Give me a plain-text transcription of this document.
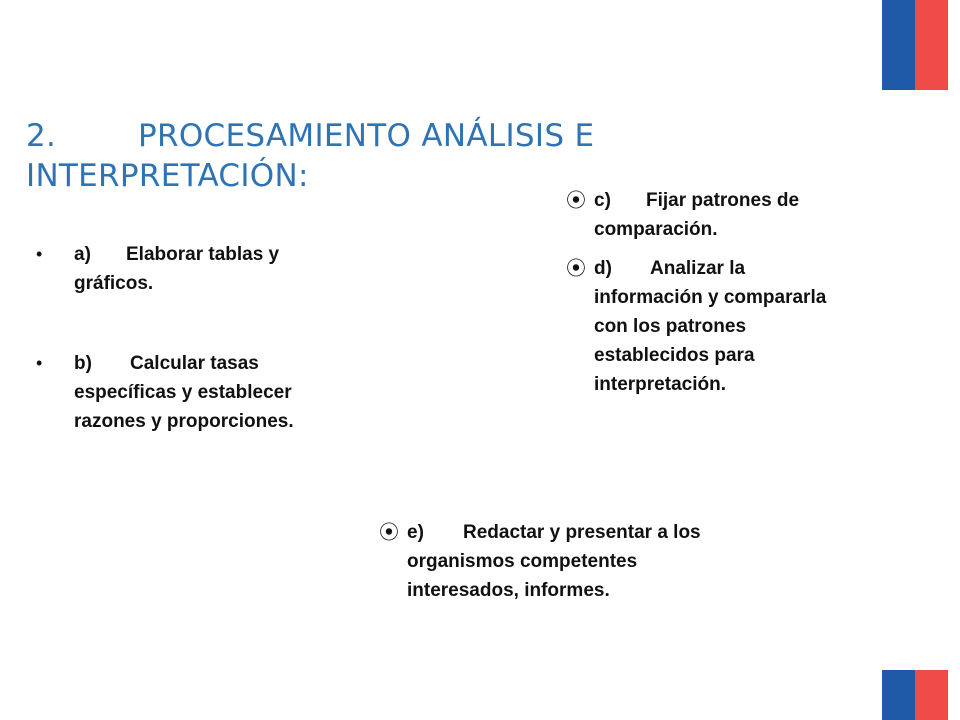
2.	PROCESAMIENTO ANÁLISIS E
INTERPRETACIÓN:
•	a) Elaborar tablas y
gráficos.
•	b) Calcular tasas
específicas y establecer
razones y proporciones.
⦿ c) Fijar patrones de
comparación.
⦿ d) Analizar la
información y compararla
con los patrones
establecidos para
interpretación.
⦿ e) Redactar y presentar a los
organismos competentes
interesados, informes.
